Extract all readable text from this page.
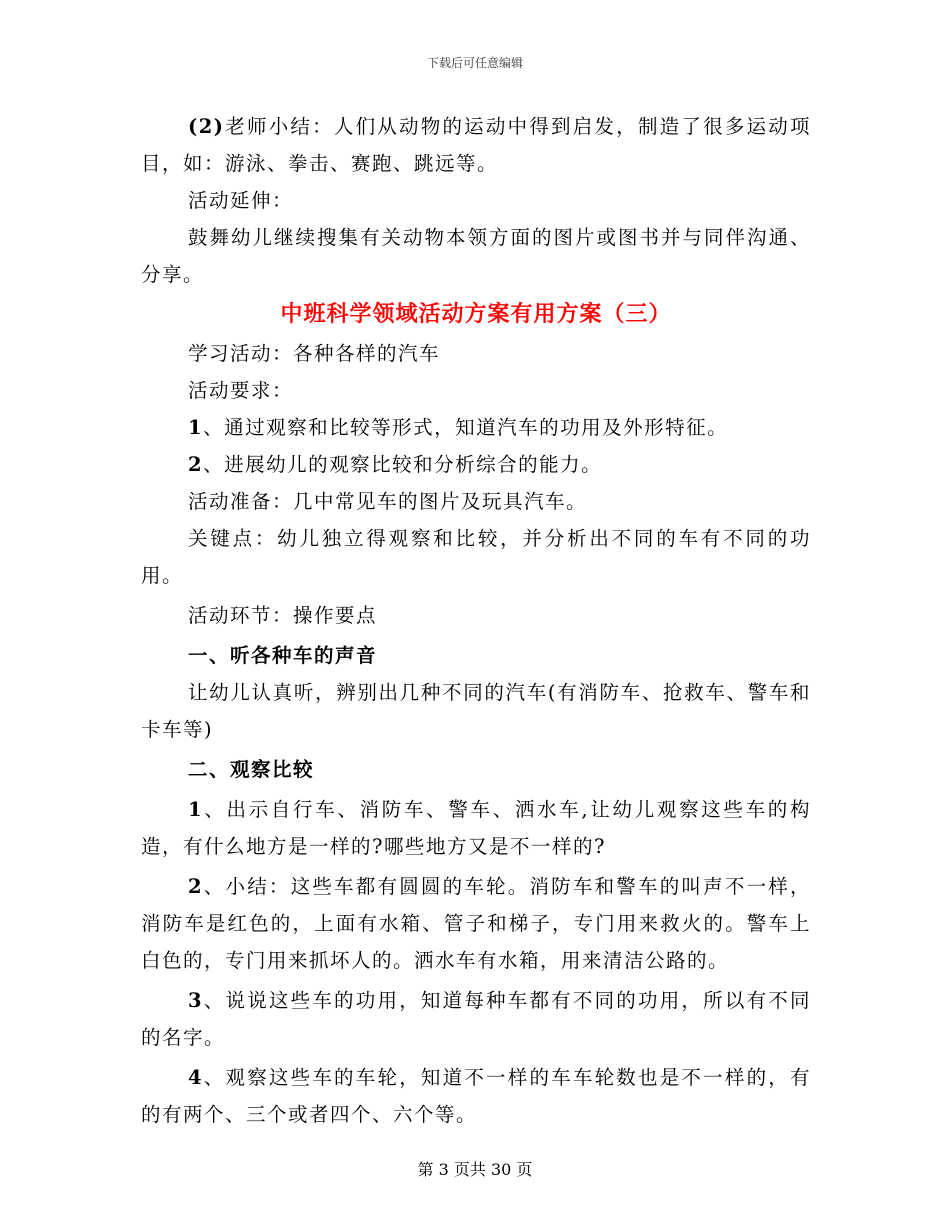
下载后可任意编辑

(2)老师小结：人们从动物的运动中得到启发，制造了很多运动项目，如：游泳、拳击、赛跑、跳远等。

活动延伸：

鼓舞幼儿继续搜集有关动物本领方面的图片或图书并与同伴沟通、分享。

中班科学领域活动方案有用方案（三）

学习活动：各种各样的汽车

活动要求：

1、通过观察和比较等形式，知道汽车的功用及外形特征。

2、进展幼儿的观察比较和分析综合的能力。

活动准备：几中常见车的图片及玩具汽车。

关键点：幼儿独立得观察和比较，并分析出不同的车有不同的功用。

活动环节：操作要点

一、听各种车的声音

让幼儿认真听，辨别出几种不同的汽车(有消防车、抢救车、警车和卡车等)

二、观察比较

1、出示自行车、消防车、警车、洒水车,让幼儿观察这些车的构造，有什么地方是一样的?哪些地方又是不一样的?

2、小结：这些车都有圆圆的车轮。消防车和警车的叫声不一样，消防车是红色的，上面有水箱、管子和梯子，专门用来救火的。警车上白色的，专门用来抓坏人的。洒水车有水箱，用来清洁公路的。

3、说说这些车的功用，知道每种车都有不同的功用，所以有不同的名字。

4、观察这些车的车轮，知道不一样的车车轮数也是不一样的，有的有两个、三个或者四个、六个等。

第 3 页共 30 页
